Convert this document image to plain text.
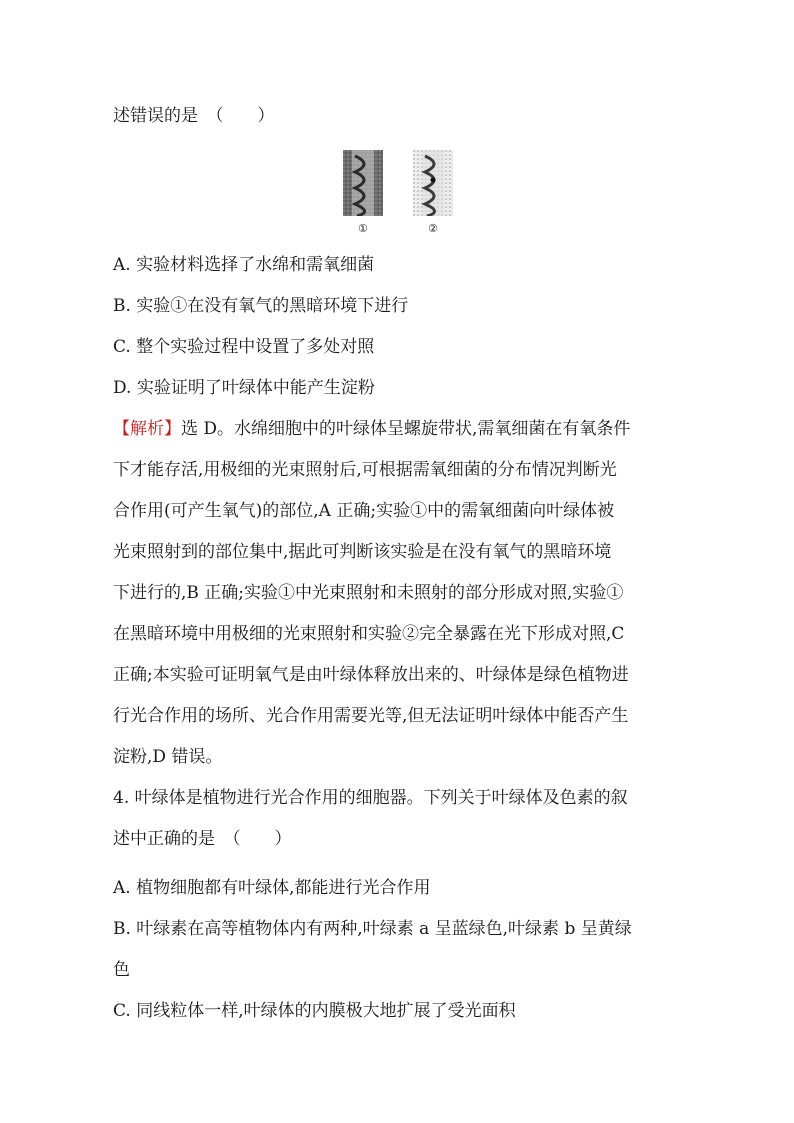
述错误的是　（　　）
①	②
A. 实验材料选择了水绵和需氧细菌
B. 实验①在没有氧气的黑暗环境下进行
C. 整个实验过程中设置了多处对照
D. 实验证明了叶绿体中能产生淀粉
【解析】选 D。水绵细胞中的叶绿体呈螺旋带状,需氧细菌在有氧条件
下才能存活,用极细的光束照射后,可根据需氧细菌的分布情况判断光
合作用(可产生氧气)的部位,A 正确;实验①中的需氧细菌向叶绿体被
光束照射到的部位集中,据此可判断该实验是在没有氧气的黑暗环境
下进行的,B 正确;实验①中光束照射和未照射的部分形成对照,实验①
在黑暗环境中用极细的光束照射和实验②完全暴露在光下形成对照,C
正确;本实验可证明氧气是由叶绿体释放出来的、叶绿体是绿色植物进
行光合作用的场所、光合作用需要光等,但无法证明叶绿体中能否产生
淀粉,D 错误。
4. 叶绿体是植物进行光合作用的细胞器。下列关于叶绿体及色素的叙
述中正确的是　（　　）
A. 植物细胞都有叶绿体,都能进行光合作用
B. 叶绿素在高等植物体内有两种,叶绿素 a 呈蓝绿色,叶绿素 b 呈黄绿
色
C. 同线粒体一样,叶绿体的内膜极大地扩展了受光面积
